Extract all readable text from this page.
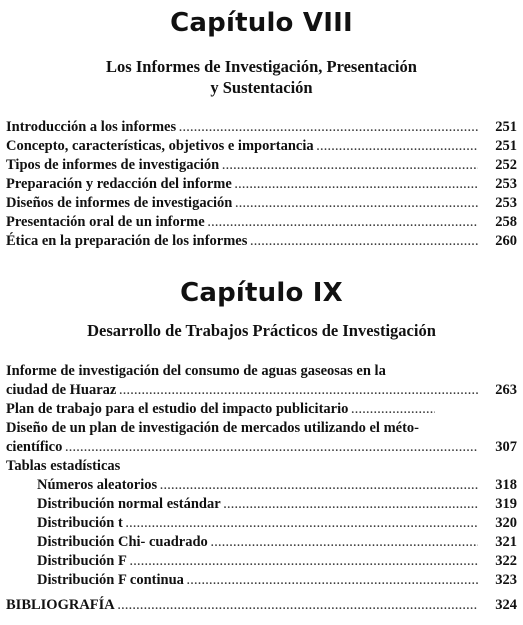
Capítulo VIII

Los Informes de Investigación, Presentación

y Sustentación

Introducción a los informes .....	251
Concepto, características, objetivos e importancia .....	251
Tipos de informes de investigación .....	252
Preparación y redacción del informe .....	253
Diseños de informes de investigación .....	253
Presentación oral de un informe .....	258
Ética en la preparación de los informes .....	260
Capítulo IX

Desarrollo de Trabajos Prácticos de Investigación

Informe de investigación del consumo de aguas gaseosas en la
ciudad de Huaraz .....	263
Plan de trabajo para el estudio del impacto publicitario
.....
Diseño de un plan de investigación de mercados utilizando el méto-
científico .....	307
Tablas estadísticas
Números aleatorios .....	318
Distribución normal estándar .....	319
Distribución t .....	320
Distribución Chi- cuadrado .....	321
Distribución F .....	322
Distribución F continua .....	323
BIBLIOGRAFÍA .....	324
